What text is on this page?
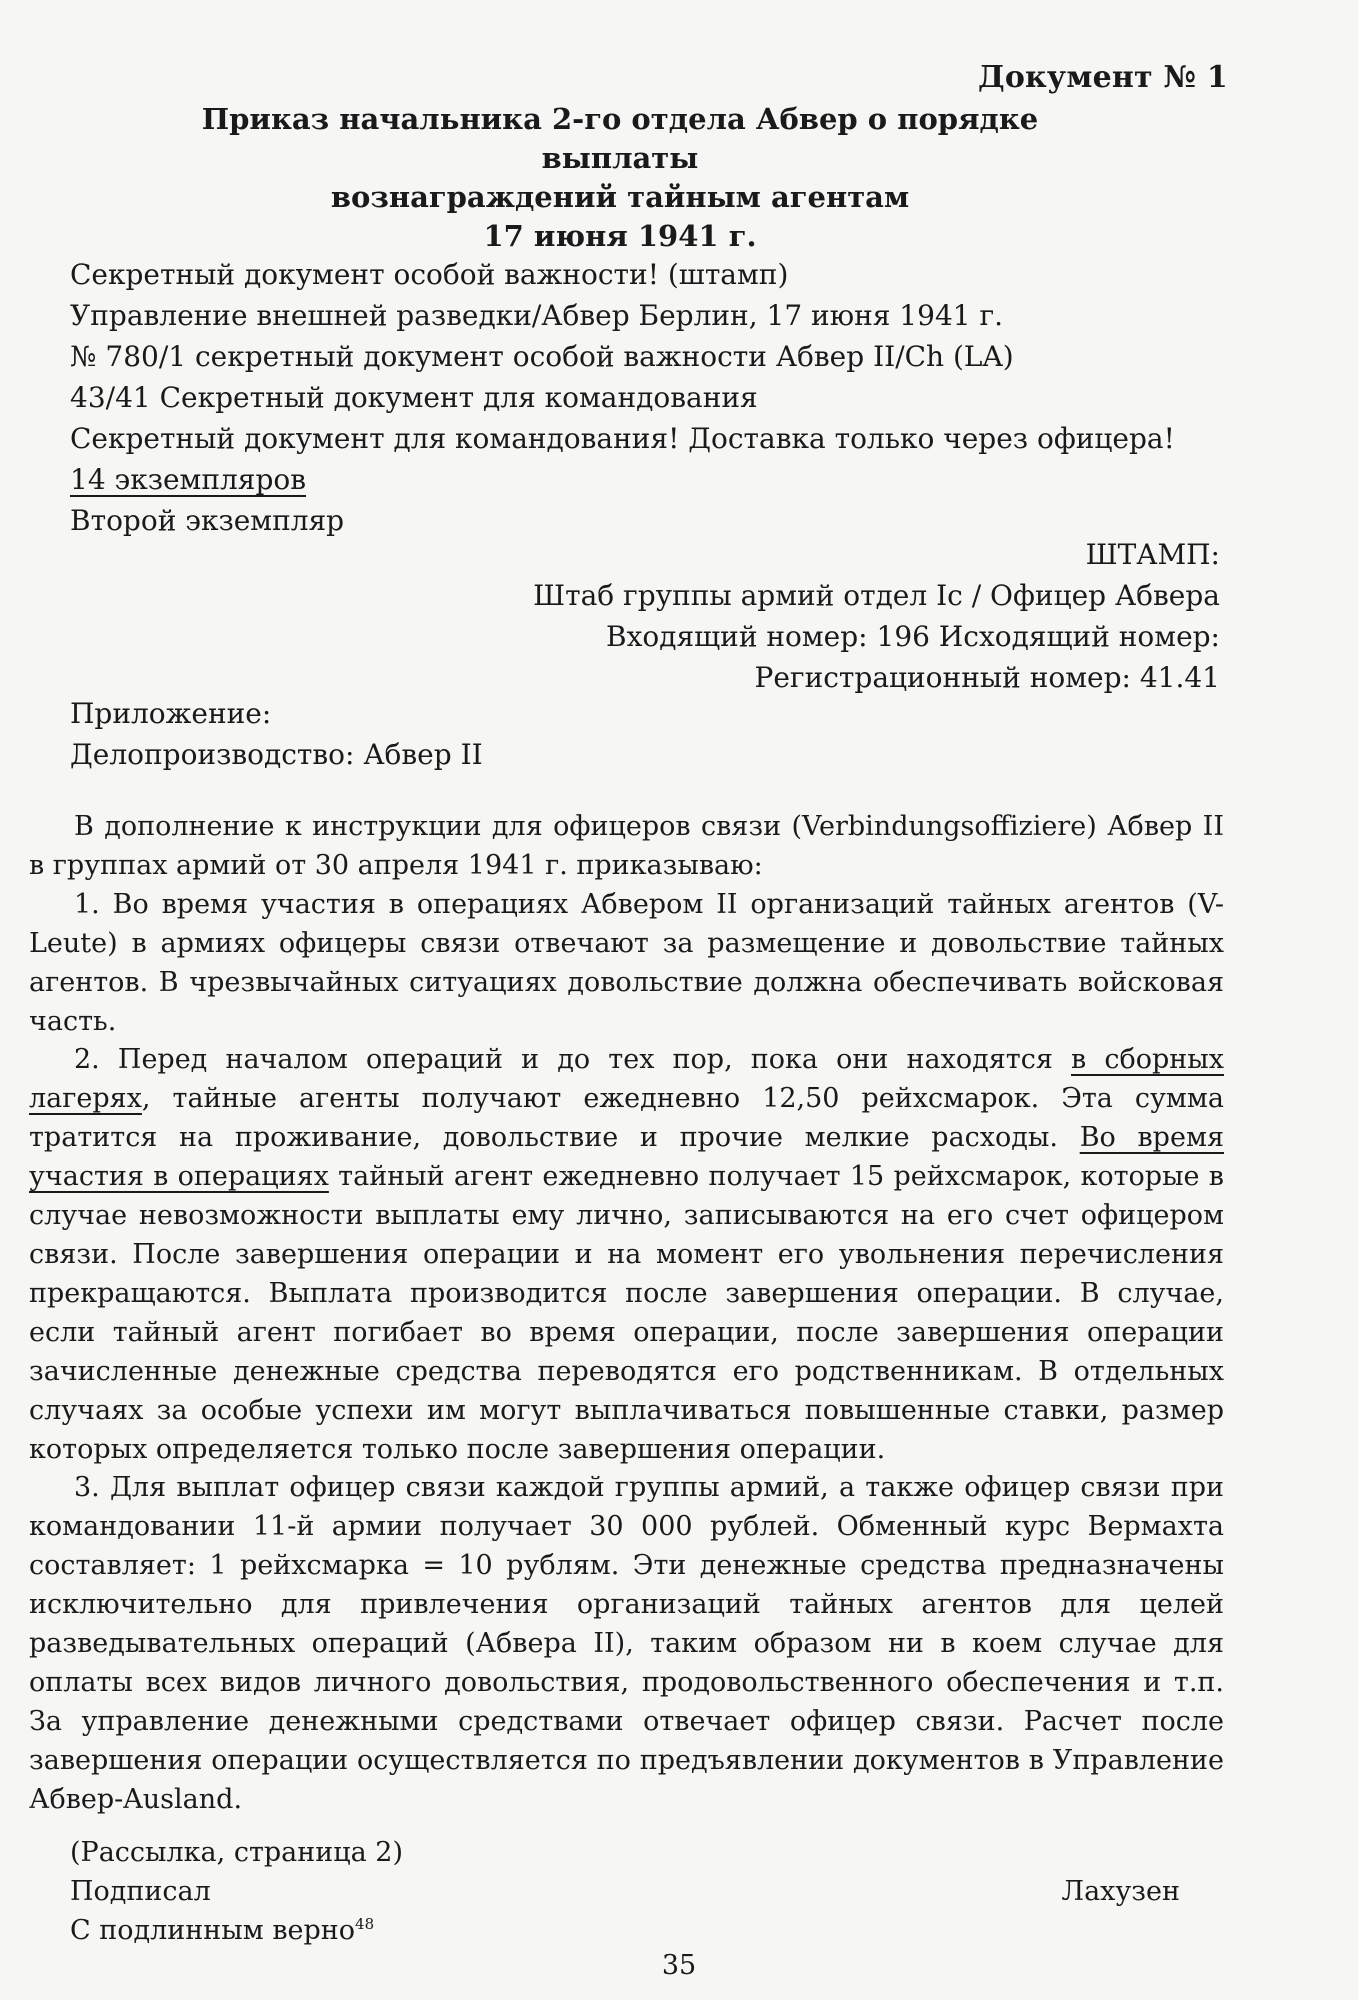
Документ № 1
Приказ начальника 2-го отдела Абвер о порядке выплаты
вознаграждений тайным агентам
17 июня 1941 г.
Секретный документ особой важности! (штамп)
Управление внешней разведки/Абвер Берлин, 17 июня 1941 г.
№ 780/1 секретный документ особой важности Абвер II/Ch (LA)
43/41 Секретный документ для командования
Секретный документ для командования! Доставка только через офицера!
14 экземпляров
Второй экземпляр
ШТАМП:
Штаб группы армий отдел Ic / Офицер Абвера
Входящий номер: 196 Исходящий номер:
Регистрационный номер: 41.41
Приложение:
Делопроизводство: Абвер II

В дополнение к инструкции для офицеров связи (Verbindungsoffiziere) Абвер II в группах армий от 30 апреля 1941 г. приказываю:

1. Во время участия в операциях Абвером II организаций тайных агентов (V-Leute) в армиях офицеры связи отвечают за размещение и довольствие тайных агентов. В чрезвычайных ситуациях довольствие должна обеспечивать войсковая часть.

2. Перед началом операций и до тех пор, пока они находятся в сборных лагерях, тайные агенты получают ежедневно 12,50 рейхсмарок. Эта сумма тратится на проживание, довольствие и прочие мелкие расходы. Во время участия в операциях тайный агент ежедневно получает 15 рейхсмарок, которые в случае невозможности выплаты ему лично, записываются на его счет офицером связи. После завершения операции и на момент его увольнения перечисления прекращаются. Выплата производится после завершения операции. В случае, если тайный агент погибает во время операции, после завершения операции зачисленные денежные средства переводятся его родственникам. В отдельных случаях за особые успехи им могут выплачиваться повышенные ставки, размер которых определяется только после завершения операции.

3. Для выплат офицер связи каждой группы армий, а также офицер связи при командовании 11-й армии получает 30 000 рублей. Обменный курс Вермахта составляет: 1 рейхсмарка = 10 рублям. Эти денежные средства предназначены исключительно для привлечения организаций тайных агентов для целей разведывательных операций (Абвера II), таким образом ни в коем случае для оплаты всех видов личного довольствия, продовольственного обеспечения и т.п. За управление денежными средствами отвечает офицер связи. Расчет после завершения операции осуществляется по предъявлении документов в Управление Абвер-Ausland.

(Рассылка, страница 2)
Подписал	Лахузен
С подлинным верно$^{48}$
35
